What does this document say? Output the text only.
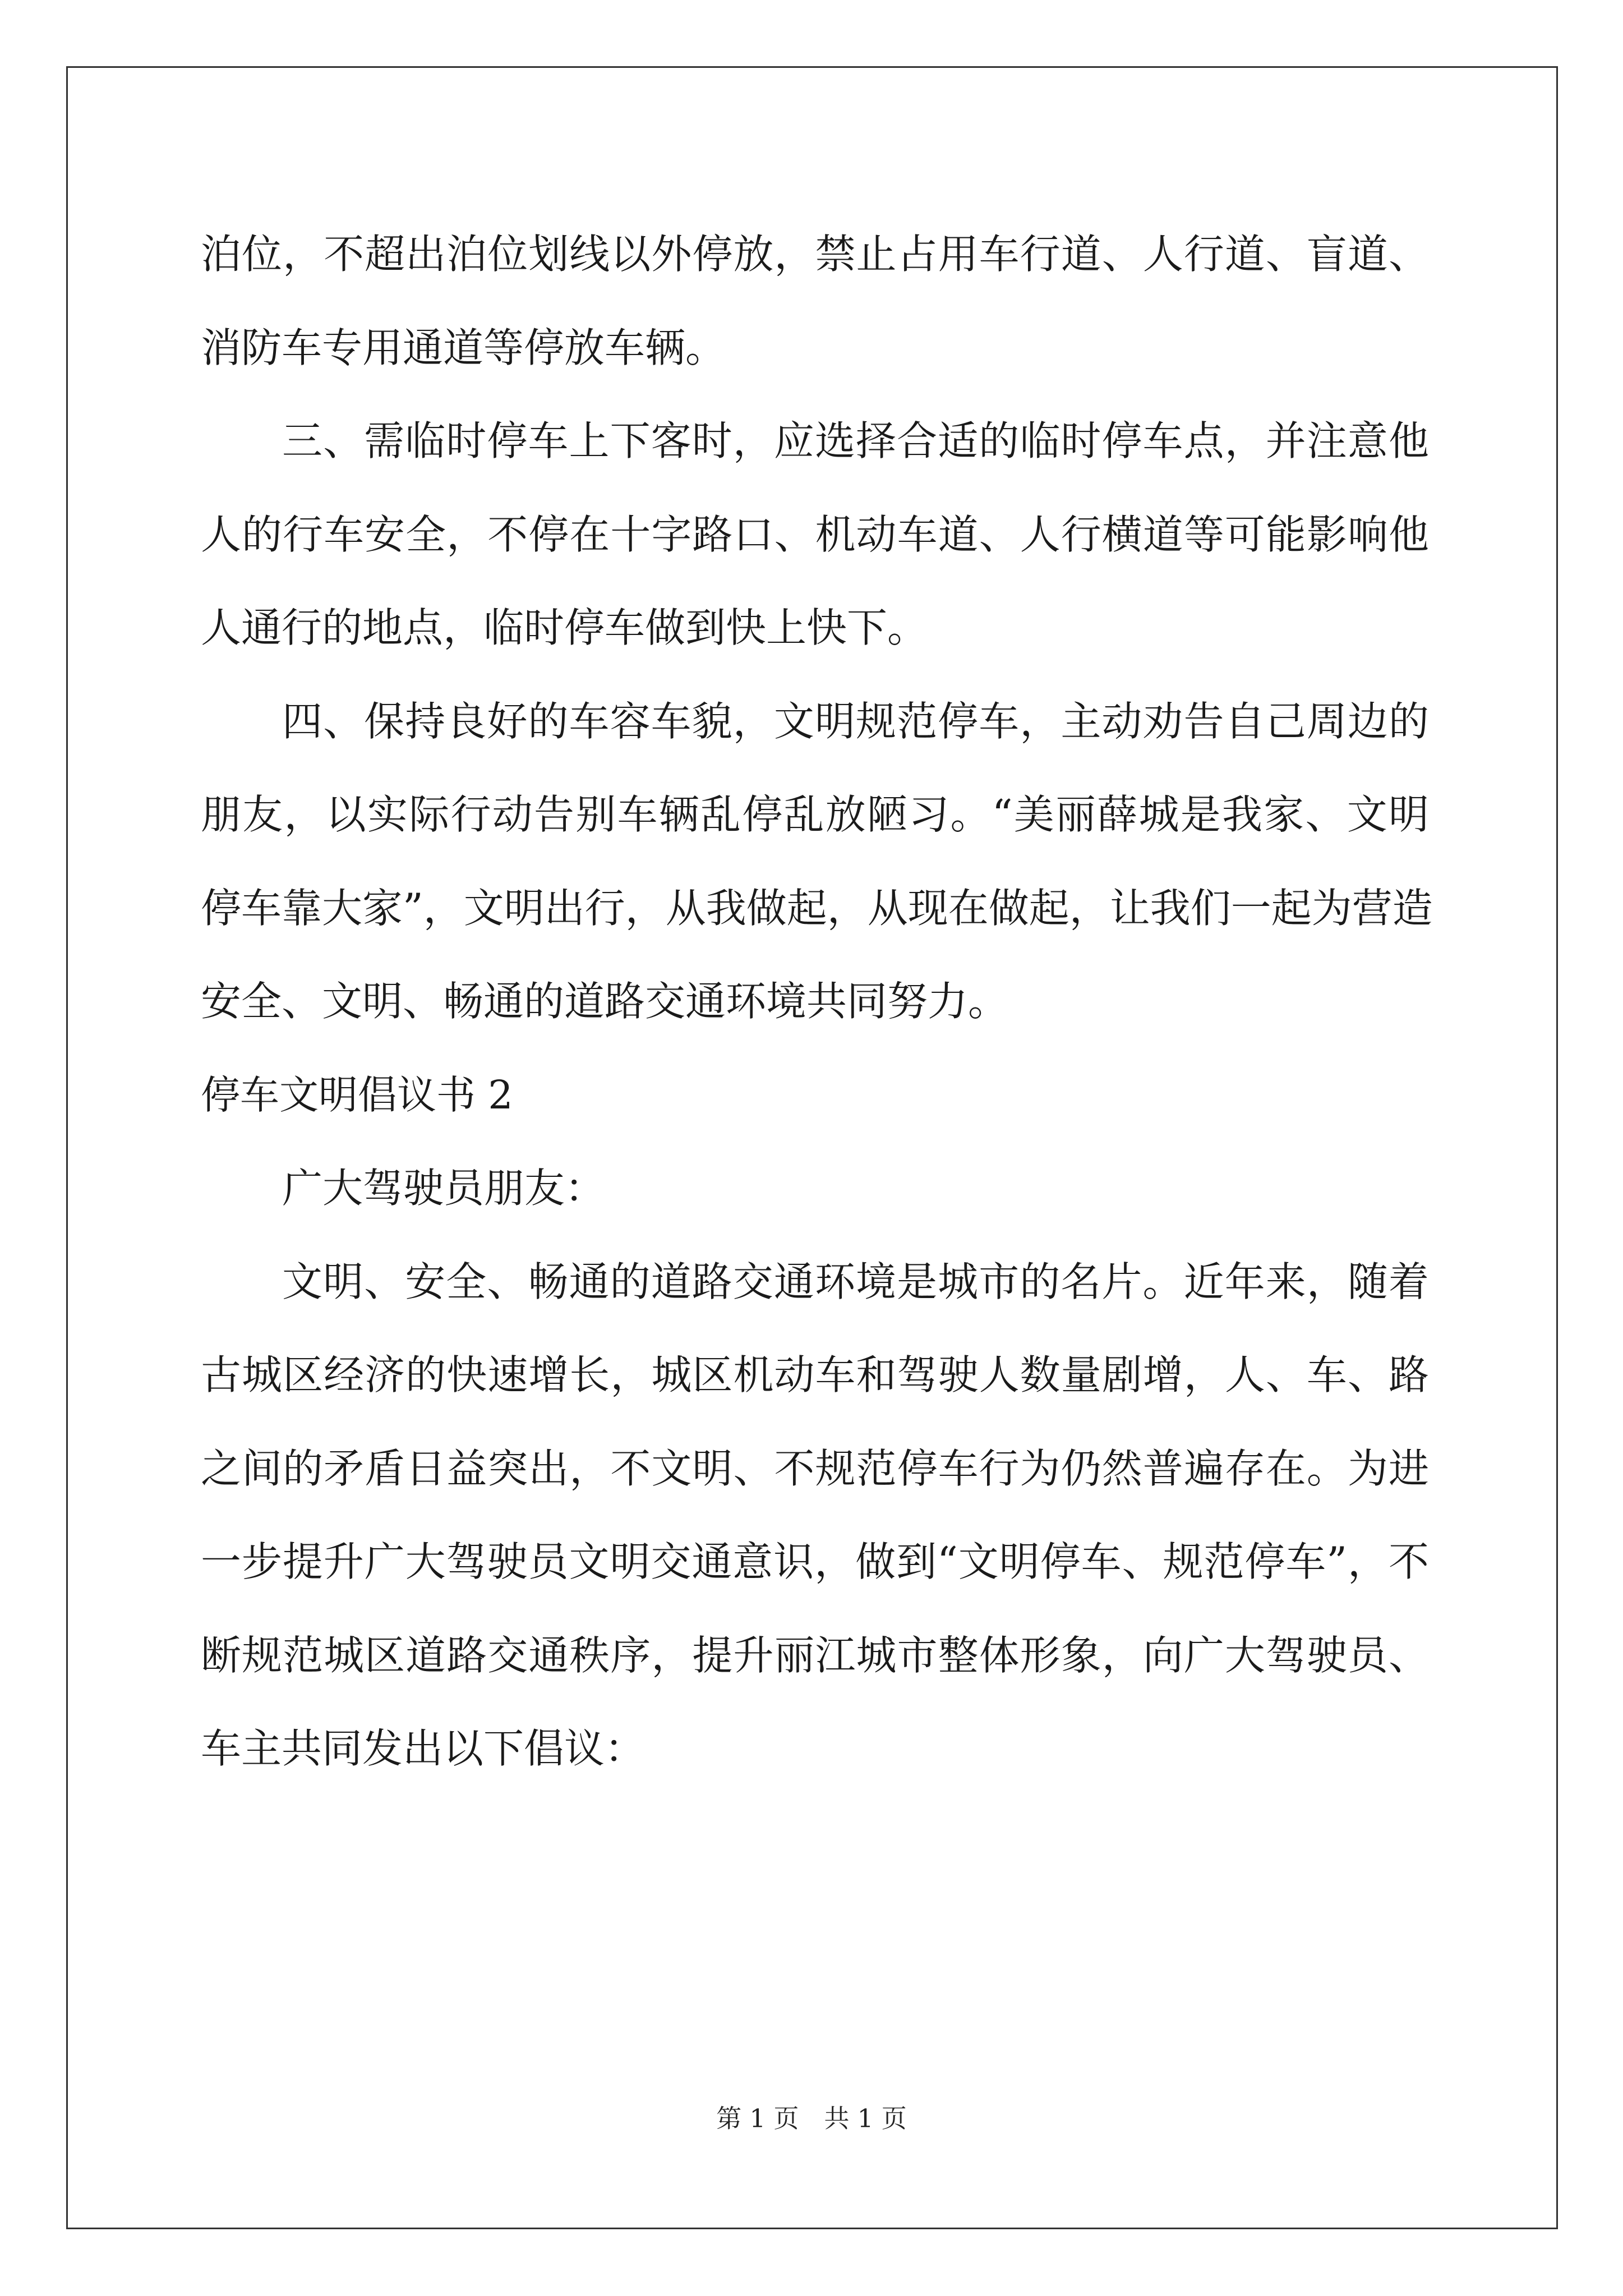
泊位，不超出泊位划线以外停放，禁止占用车行道、人行道、盲道、
消防车专用通道等停放车辆。
三、需临时停车上下客时，应选择合适的临时停车点，并注意他
人的行车安全，不停在十字路口、机动车道、人行横道等可能影响他
人通行的地点，临时停车做到快上快下。
四、保持良好的车容车貌，文明规范停车，主动劝告自己周边的
朋友，以实际行动告别车辆乱停乱放陋习。“美丽薛城是我家、文明
停车靠大家”，文明出行，从我做起，从现在做起，让我们一起为营造
安全、文明、畅通的道路交通环境共同努力。
停车文明倡议书 2
广大驾驶员朋友：
文明、安全、畅通的道路交通环境是城市的名片。近年来，随着
古城区经济的快速增长，城区机动车和驾驶人数量剧增，人、车、路
之间的矛盾日益突出，不文明、不规范停车行为仍然普遍存在。为进
一步提升广大驾驶员文明交通意识，做到“文明停车、规范停车”，不
断规范城区道路交通秩序，提升丽江城市整体形象，向广大驾驶员、
车主共同发出以下倡议：
第 1 页　共 1 页
